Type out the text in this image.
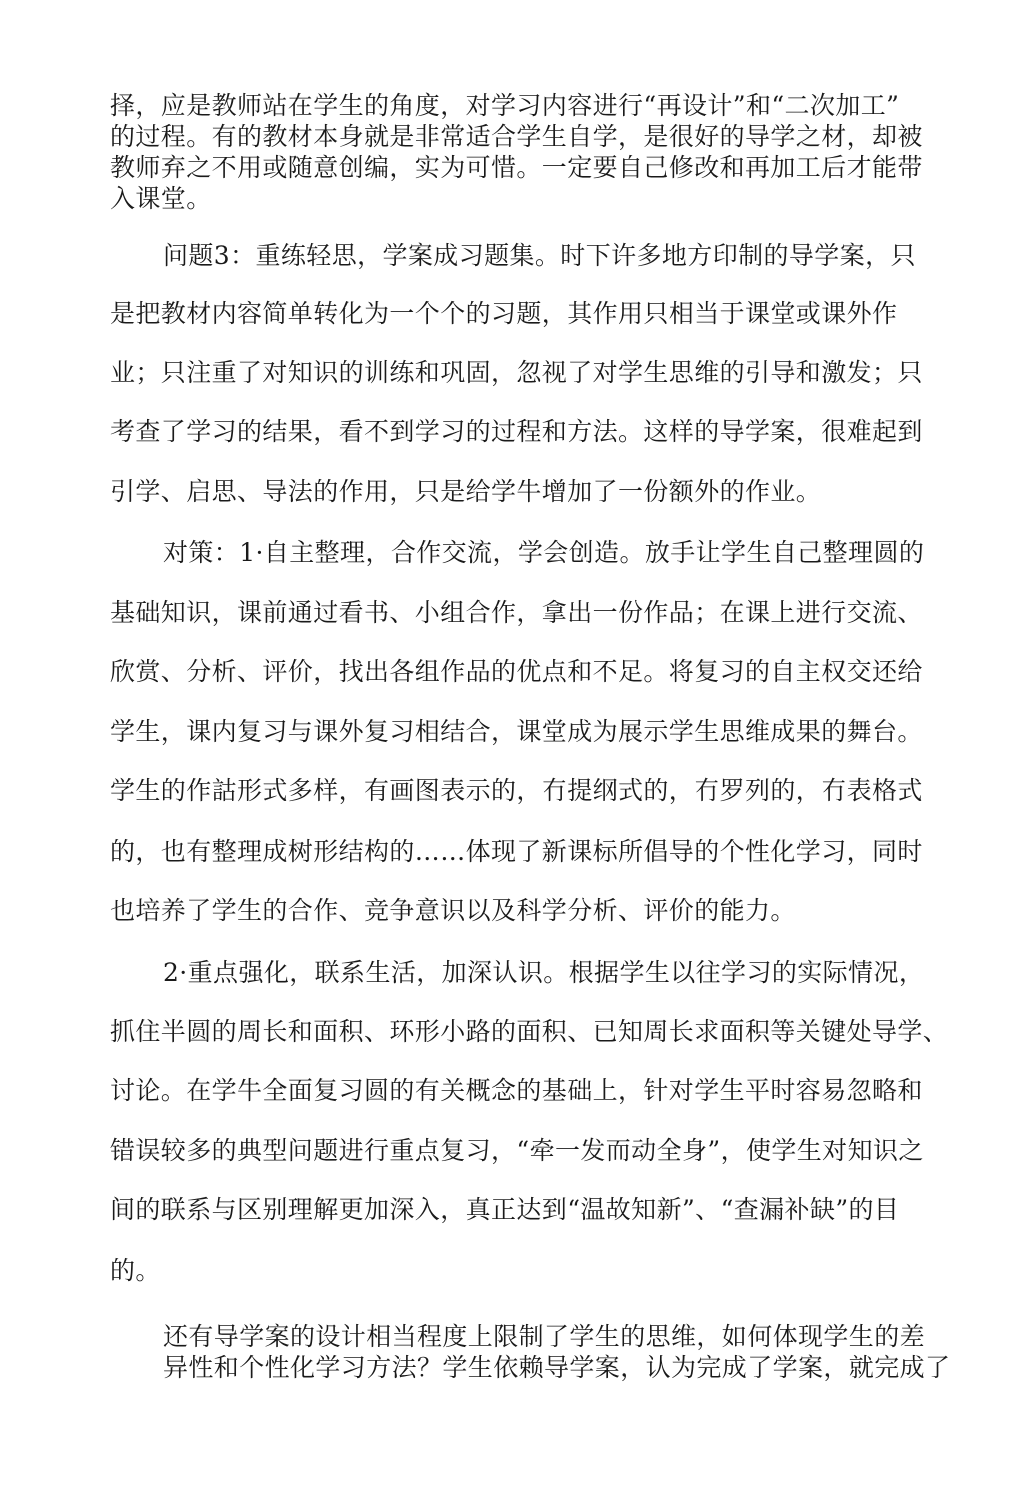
择，应是教师站在学生的角度，对学习内容进行“再设计”和“二次加工”
的过程。有的教材本身就是非常适合学生自学，是很好的导学之材，却被
教师弃之不用或随意创编，实为可惜。一定要自己修改和再加工后才能带
入课堂。
问题3：重练轻思，学案成习题集。时下许多地方印制的导学案，只
是把教材内容简单转化为一个个的习题，其作用只相当于课堂或课外作
业；只注重了对知识的训练和巩固，忽视了对学生思维的引导和激发；只
考查了学习的结果，看不到学习的过程和方法。这样的导学案，很难起到
引学、启思、导法的作用，只是给学牛增加了一份额外的作业。
对策：1·自主整理，合作交流，学会创造。放手让学生自己整理圆的
基础知识，课前通过看书、小组合作，拿出一份作品；在课上进行交流、
欣赏、分析、评价，找出各组作品的优点和不足。将复习的自主权交还给
学生，课内复习与课外复习相结合，课堂成为展示学生思维成果的舞台。
学生的作詁形式多样，有画图表示的，冇提纲式的，冇罗列的，冇表格式
的，也有整理成树形结构的……体现了新课标所倡导的个性化学习，同时
也培养了学生的合作、竞争意识以及科学分析、评价的能力。
2·重点强化，联系生活，加深认识。根据学生以往学习的实际情况，
抓住半圆的周长和面积、环形小路的面积、已知周长求面积等关键处导学、
讨论。在学牛全面复习圆的有关概念的基础上，针对学生平时容易忽略和
错误较多的典型问题进行重点复习，“牵一发而动全身”，使学生对知识之
间的联系与区别理解更加深入，真正达到“温故知新”、“查漏补缺”的目
的。
还有导学案的设计相当程度上限制了学生的思维，如何体现学生的差
异性和个性化学习方法？学生依赖导学案，认为完成了学案，就完成了
